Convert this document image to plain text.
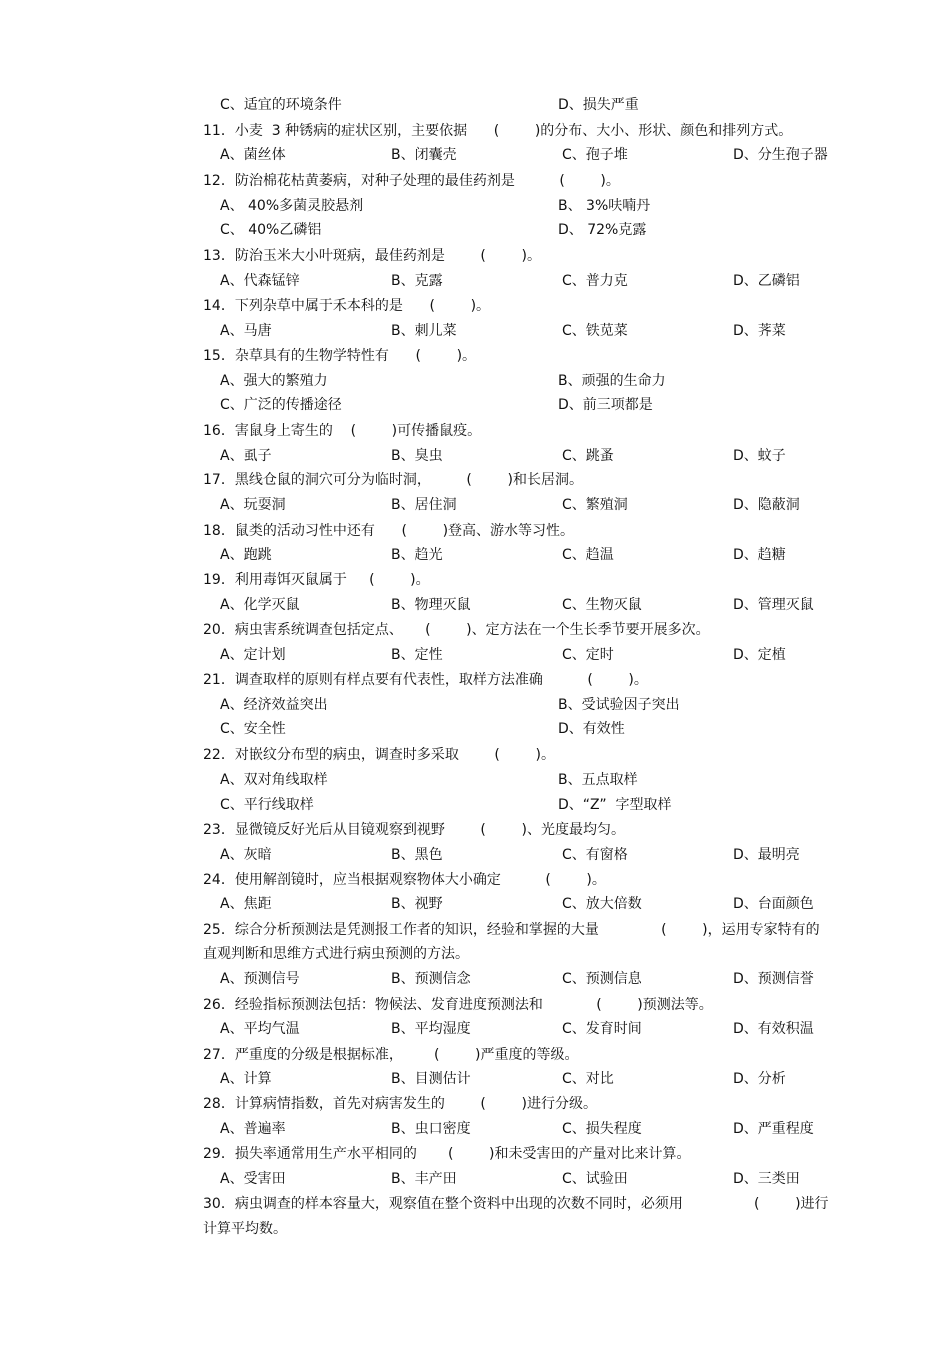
C、适宜的环境条件	D、损失严重
11．小麦  3 种锈病的症状区别，主要依据      (        )的分布、大小、形状、颜色和排列方式。
A、菌丝体	B、闭囊壳	C、孢子堆	D、分生孢子器
12．防治棉花枯黄萎病，对种子处理的最佳药剂是          (        )。
A、 40%多菌灵胶悬剂	B、 3%呋喃丹
C、 40%乙磷铝	D、 72%克露
13．防治玉米大小叶斑病，最佳药剂是        (        )。
A、代森锰锌	B、克露	C、普力克	D、乙磷铝
14．下列杂草中属于禾本科的是      (        )。
A、马唐	B、刺儿菜	C、铁苋菜	D、荠菜
15．杂草具有的生物学特性有      (        )。
A、强大的繁殖力	B、顽强的生命力
C、广泛的传播途径	D、前三项都是
16．害鼠身上寄生的    (        )可传播鼠疫。
A、虱子	B、臭虫	C、跳蚤	D、蚊子
17．黑线仓鼠的洞穴可分为临时洞，        (        )和长居洞。
A、玩耍洞	B、居住洞	C、繁殖洞	D、隐蔽洞
18．鼠类的活动习性中还有      (        )登高、游水等习性。
A、跑跳	B、趋光	C、趋温	D、趋糖
19．利用毒饵灭鼠属于     (        )。
A、化学灭鼠	B、物理灭鼠	C、生物灭鼠	D、管理灭鼠
20．病虫害系统调查包括定点、     (        )、定方法在一个生长季节要开展多次。
A、定计划	B、定性	C、定时	D、定植
21．调查取样的原则有样点要有代表性，取样方法准确          (        )。
A、经济效益突出	B、受试验因子突出
C、安全性	D、有效性
22．对嵌纹分布型的病虫，调查时多采取        (        )。
A、双对角线取样	B、五点取样
C、平行线取样	D、“Z”  字型取样
23．显微镜反好光后从目镜观察到视野        (        )、光度最均匀。
A、灰暗	B、黑色	C、有窗格	D、最明亮
24．使用解剖镜时，应当根据观察物体大小确定          (        )。
A、焦距	B、视野	C、放大倍数	D、台面颜色
25．综合分析预测法是凭测报工作者的知识，经验和掌握的大量              (        )，运用专家特有的
直观判断和思维方式进行病虫预测的方法。
A、预测信号	B、预测信念	C、预测信息	D、预测信誉
26．经验指标预测法包括：物候法、发育进度预测法和            (        )预测法等。
A、平均气温	B、平均湿度	C、发育时间	D、有效积温
27．严重度的分级是根据标准，       (        )严重度的等级。
A、计算	B、目测估计	C、对比	D、分析
28．计算病情指数，首先对病害发生的        (        )进行分级。
A、普遍率	B、虫口密度	C、损失程度	D、严重程度
29．损失率通常用生产水平相同的       (        )和未受害田的产量对比来计算。
A、受害田	B、丰产田	C、试验田	D、三类田
30．病虫调查的样本容量大，观察值在整个资料中出现的次数不同时，必须用                (        )进行
计算平均数。
